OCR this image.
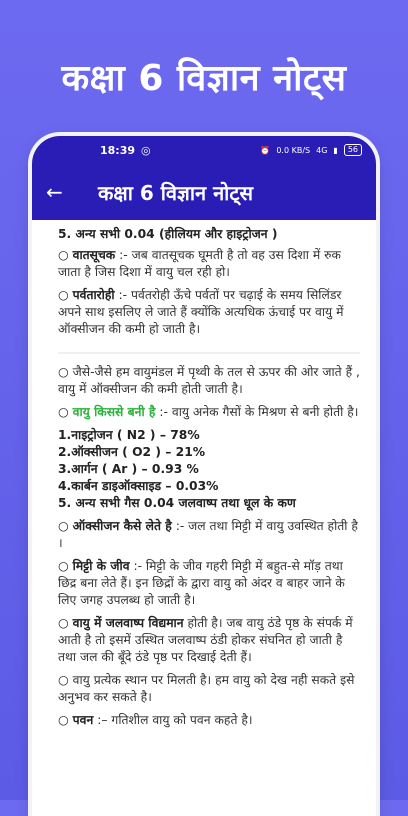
कक्षा 6 विज्ञान नोट्स
18:39 ◎	⏰ 0.0 KB/S 4G ▮	56
←	कक्षा 6 विज्ञान नोट्स

5. अन्य सभी 0.04 (हीलियम और हाइट्रोजन )

○ वातसूचक :- जब वातसूचक घूमती है तो वह उस दिशा में रुक जाता है जिस दिशा में वायु चल रही हो।

○ पर्वतारोही :- पर्वतरोही ऊँचे पर्वतों पर चढ़ाई के समय सिलिंडर अपने साथ इसलिए ले जाते हैं क्योंकि अत्यधिक ऊंचाई पर वायु में ऑक्सीजन की कमी हो जाती है।

○ जैसे-जैसे हम वायुमंडल में पृथ्वी के तल से ऊपर की ओर जाते हैं , वायु में ऑक्सीजन की कमी होती जाती है।

○ वायु किससे बनी है :- वायु अनेक गैसों के मिश्रण से बनी होती है।

1.नाइट्रोजन ( N2 ) – 78%

2.ऑक्सीजन ( O2 ) – 21%

3.आर्गन ( Ar ) – 0.93 %

4.कार्बन डाइऑक्साइड – 0.03%

5. अन्य सभी गैस 0.04 जलवाष्प तथा धूल के कण

○ ऑक्सीजन कैसे लेते है :- जल तथा मिट्टी में वायु उवस्थित होती है ।

○ मिट्टी के जीव :- मिट्टी के जीव गहरी मिट्टी में बहुत-से मॉड़ तथा छिद्र बना लेते हैं। इन छिद्रों के द्वारा वायु को अंदर व बाहर जाने के लिए जगह उपलब्ध हो जाती है।

○ वायु में जलवाष्प विद्यमान होती है। जब वायु ठंडे पृष्ठ के संपर्क में आती है तो इसमें उस्थित जलवाष्प ठंडी होकर संघनित हो जाती है तथा जल की बूँदे ठंडे पृष्ठ पर दिखाई देती हैं।

○ वायु प्रत्येक स्थान पर मिलती है। हम वायु को देख नही सकते इसे अनुभव कर सकते है।

○ पवन :– गतिशील वायु को पवन कहते है।
